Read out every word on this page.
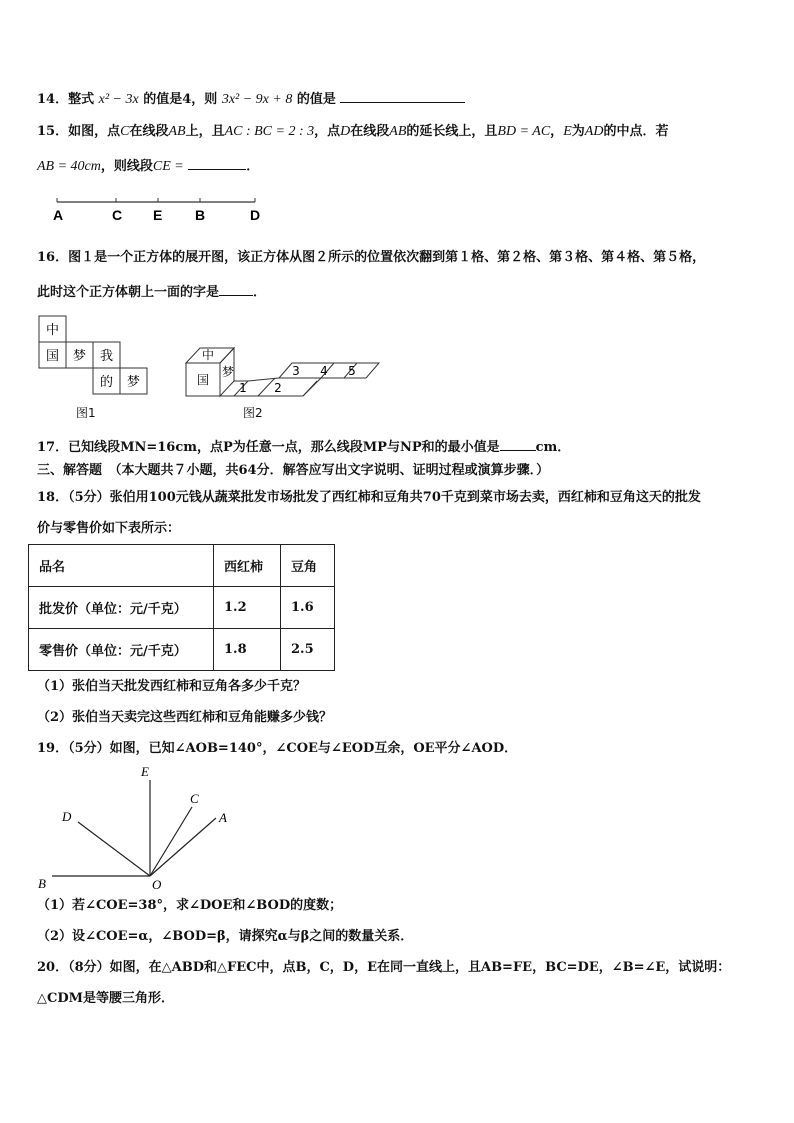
14．整式 x² − 3x 的值是4，则 3x² − 9x + 8 的值是
15．如图，点C在线段AB上，且AC : BC = 2 : 3，点D在线段AB的延长线上，且BD = AC，E为AD的中点．若
AB = 40cm，则线段CE =	．
A	C E B	D
16．图１是一个正方体的展开图，该正方体从图２所示的位置依次翻到第１格、第２格、第３格、第４格、第５格，
此时这个正方体朝上一面的字是	．
中
国 梦 我
的 梦
图1
中
国
梦
1 2
3 4 5
图2
17．已知线段MN=16cm，点P为任意一点，那么线段MP与NP和的最小值是	cm．
三、解答题　（本大题共７小题，共64分．解答应写出文字说明、证明过程或演算步骤．）
18．（5分）张伯用100元钱从蔬菜批发市场批发了西红柿和豆角共70千克到菜市场去卖，西红柿和豆角这天的批发
价与零售价如下表所示：
品名	西红柿	豆角
批发价（单位：元/千克）	1.2	1.6
零售价（单位：元/千克）	1.8	2.5
（1）张伯当天批发西红柿和豆角各多少千克？
（2）张伯当天卖完这些西红柿和豆角能赚多少钱？
19．（5分）如图，已知∠AOB=140°，∠COE与∠EOD互余，OE平分∠AOD．
E
C
D	A
B	O
（1）若∠COE=38°，求∠DOE和∠BOD的度数；
（2）设∠COE=α，∠BOD=β，请探究α与β之间的数量关系．
20．（8分）如图，在△ABD和△FEC中，点B，C，D，E在同一直线上，且AB=FE，BC=DE，∠B=∠E，试说明：
△CDM是等腰三角形．
